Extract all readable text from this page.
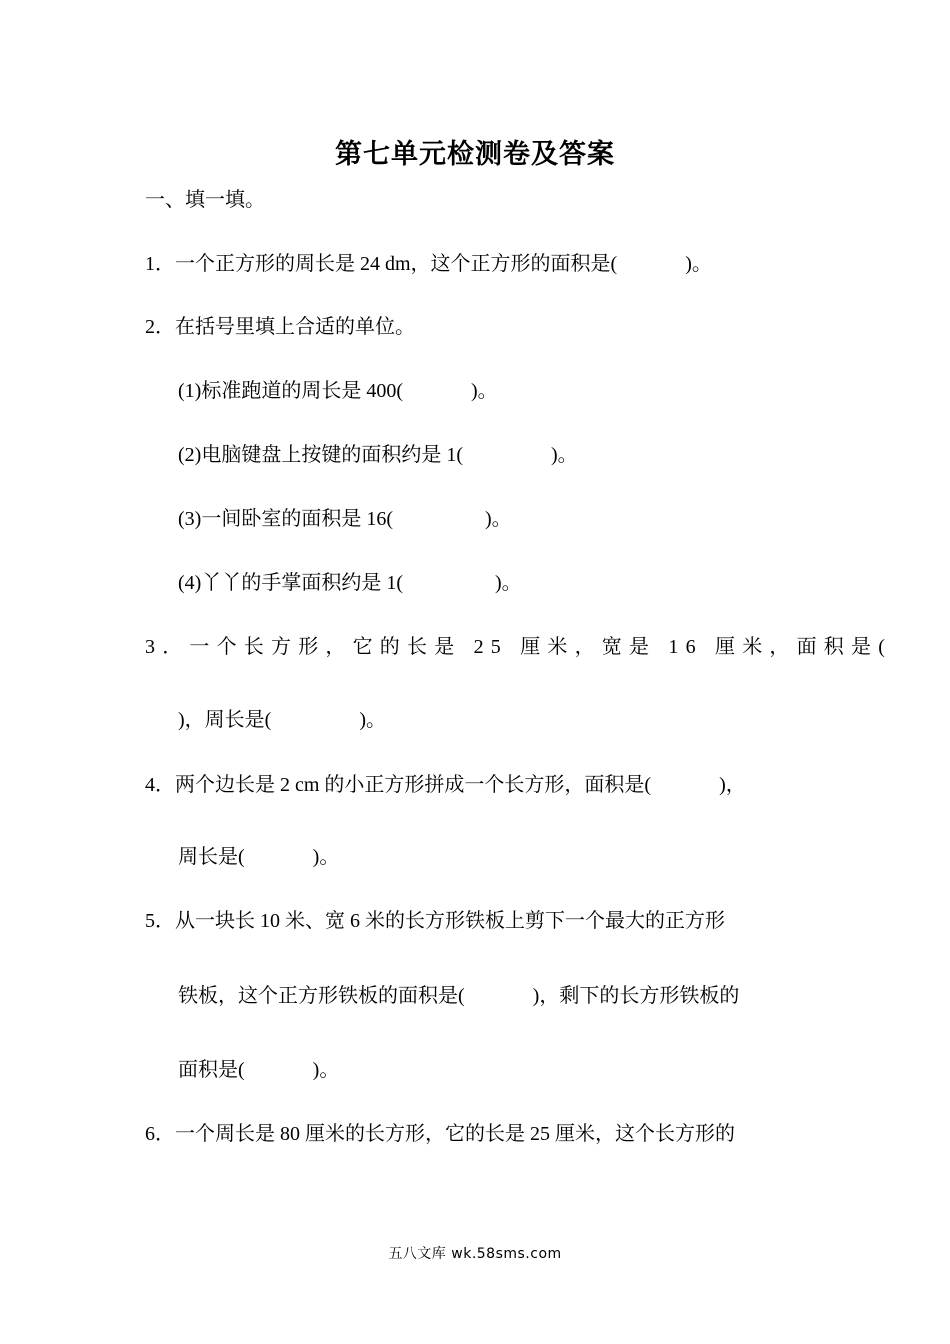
第七单元检测卷及答案
一、填一填。
1．一个正方形的周长是 24 dm，这个正方形的面积是(	)。
2．在括号里填上合适的单位。
(1)标准跑道的周长是 400(	)。
(2)电脑键盘上按键的面积约是 1(	)。
(3)一间卧室的面积是 16(	)。
(4)丫丫的手掌面积约是 1(	)。
3．一个长方形，它的长是 25 厘米，宽是 16 厘米，面积是(
)，周长是(	)。
4．两个边长是 2 cm 的小正方形拼成一个长方形，面积是(	)，
周长是(	)。
5．从一块长 10 米、宽 6 米的长方形铁板上剪下一个最大的正方形
铁板，这个正方形铁板的面积是(	)，剩下的长方形铁板的
面积是(	)。
6．一个周长是 80 厘米的长方形，它的长是 25 厘米，这个长方形的
五八文库 wk.58sms.com
